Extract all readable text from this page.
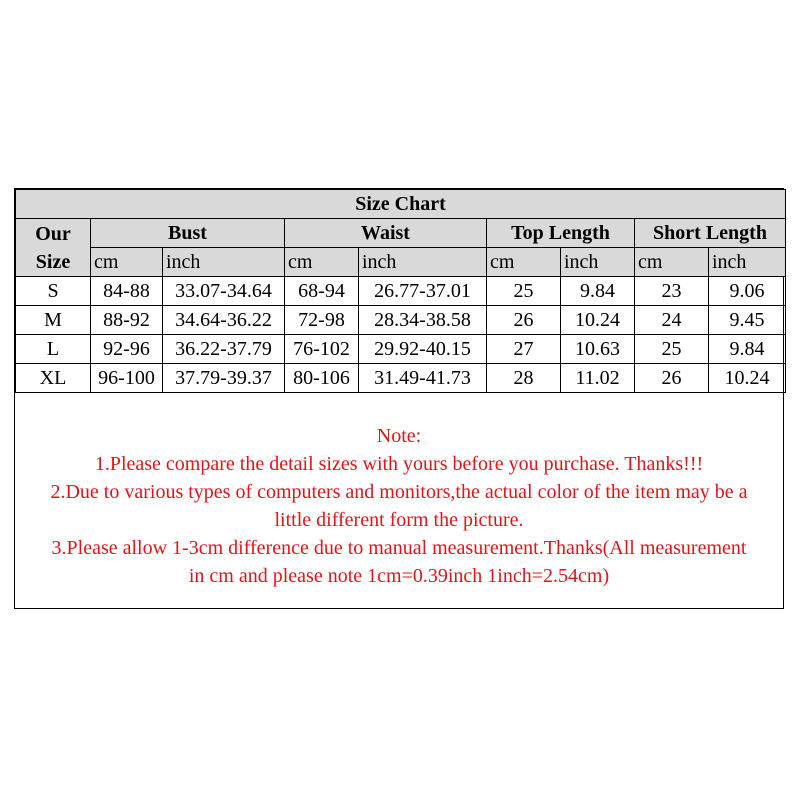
Size Chart								

Our
Size	Bust		Waist		Top Length		Short Length	
	cm	inch	cm	inch	cm	inch	cm	inch
S	84-88	33.07-34.64	68-94	26.77-37.01	25	9.84	23	9.06
M	88-92	34.64-36.22	72-98	28.34-38.58	26	10.24	24	9.45
L	92-96	36.22-37.79	76-102	29.92-40.15	27	10.63	25	9.84
XL	96-100	37.79-39.37	80-106	31.49-41.73	28	11.02	26	10.24
Note:
1.Please compare the detail sizes with yours before you purchase. Thanks!!!
2.Due to various types of computers and monitors,the actual color of the item may be a
little different form the picture.
3.Please allow 1-3cm difference due to manual measurement.Thanks(All measurement
in cm and please note 1cm=0.39inch 1inch=2.54cm)
